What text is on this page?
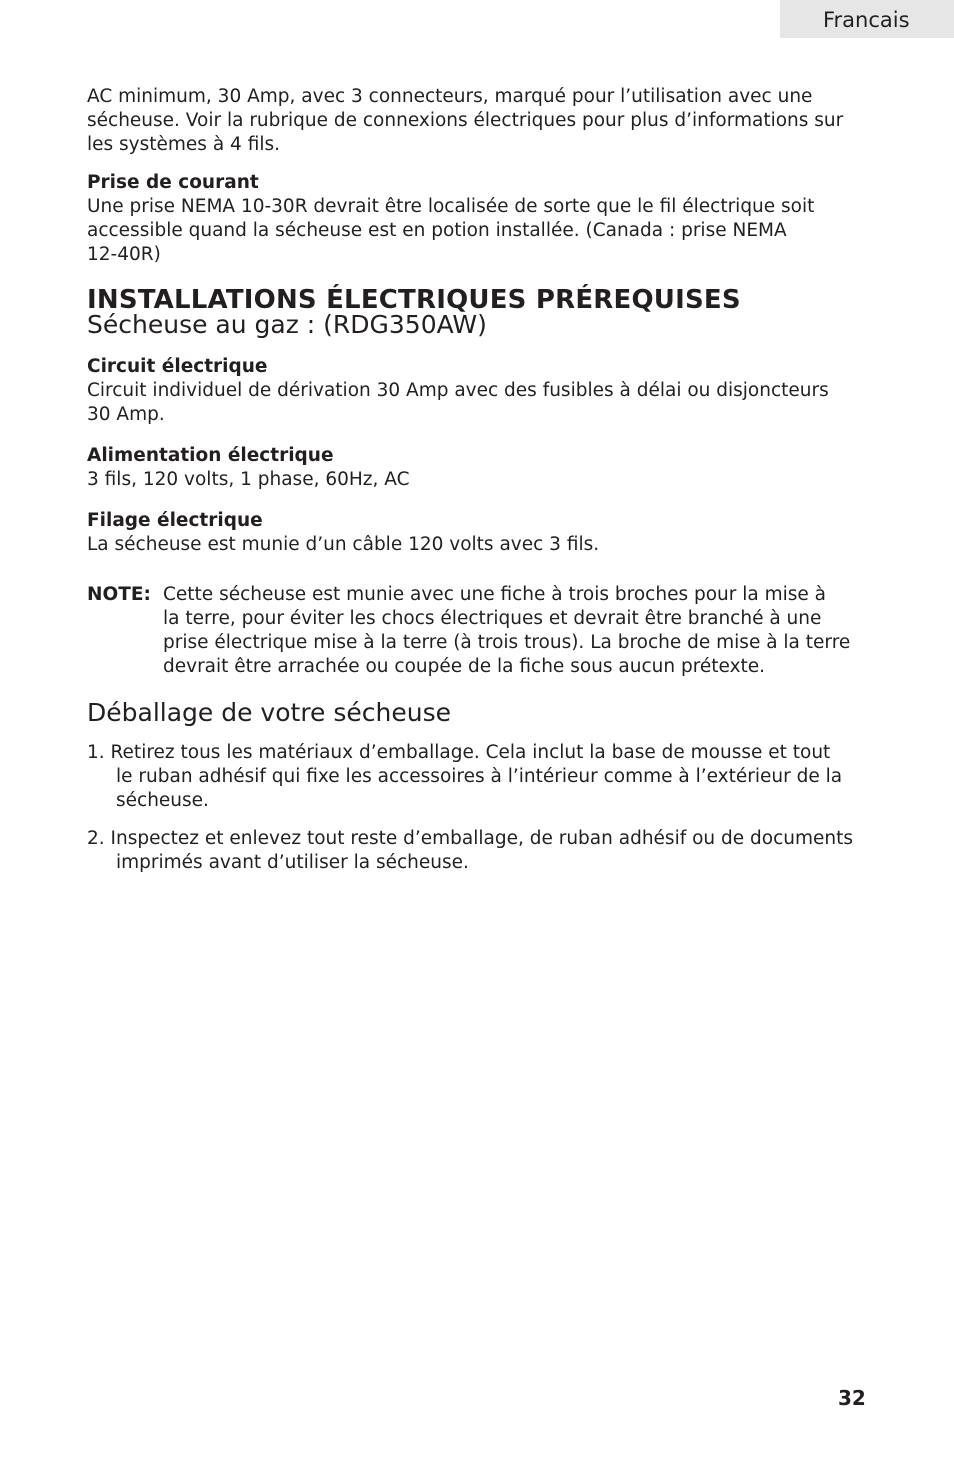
Francais

AC minimum, 30 Amp, avec 3 connecteurs, marqué pour l’utilisation avec une

sécheuse. Voir la rubrique de connexions électriques pour plus d’informations sur

les systèmes à 4 fils.

Prise de courant

Une prise NEMA 10-30R devrait être localisée de sorte que le fil électrique soit

accessible quand la sécheuse est en potion installée. (Canada : prise NEMA

12-40R)

INSTALLATIONS ÉLECTRIQUES PRÉREQUISES
Sécheuse au gaz : (RDG350AW)

Circuit électrique

Circuit individuel de dérivation 30 Amp avec des fusibles à délai ou disjoncteurs

30 Amp.

Alimentation électrique

3 fils, 120 volts, 1 phase, 60Hz, AC

Filage électrique

La sécheuse est munie d’un câble 120 volts avec 3 fils.

NOTE: Cette sécheuse est munie avec une fiche à trois broches pour la mise à
la terre, pour éviter les chocs électriques et devrait être branché à une
prise électrique mise à la terre (à trois trous). La broche de mise à la terre
devrait être arrachée ou coupée de la fiche sous aucun prétexte.
Déballage de votre sécheuse
1. Retirez tous les matériaux d’emballage. Cela inclut la base de mousse et tout
le ruban adhésif qui fixe les accessoires à l’intérieur comme à l’extérieur de la
sécheuse.
2. Inspectez et enlevez tout reste d’emballage, de ruban adhésif ou de documents
imprimés avant d’utiliser la sécheuse.
32
